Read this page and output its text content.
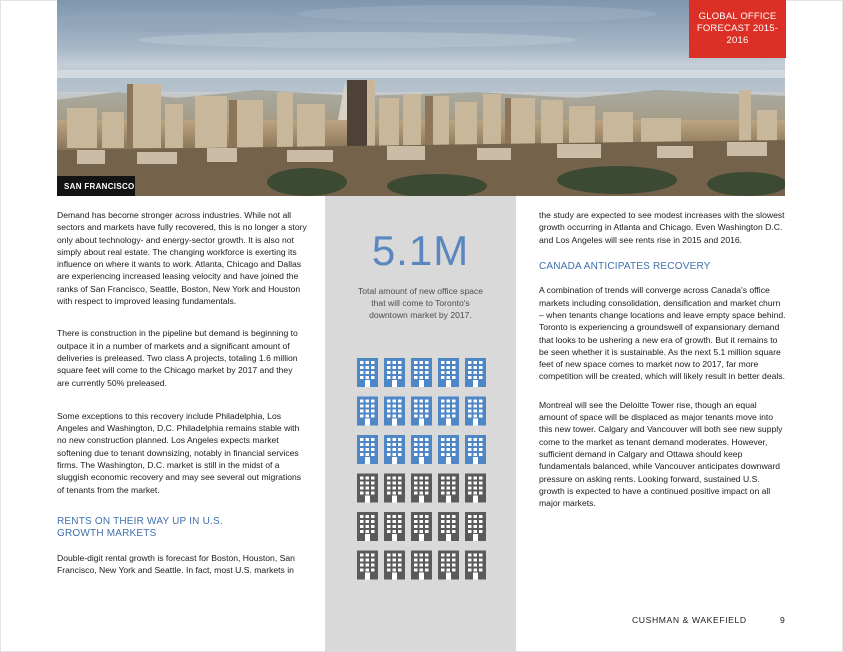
GLOBAL OFFICE
FORECAST 2015-2016
SAN FRANCISCO

Demand has become stronger across industries. While not all sectors and markets have fully recovered, this is no longer a story only about technology- and energy-sector growth. It is also not simply about real estate. The changing workforce is exerting its influence on where it wants to work. Atlanta, Chicago and Dallas are experiencing increased leasing velocity and have joined the ranks of San Francisco, Seattle, Boston, New York and Houston with respect to improved leasing fundamentals.

There is construction in the pipeline but demand is beginning to outpace it in a number of markets and a significant amount of deliveries is preleased. Two class A projects, totaling 1.6 million square feet will come to the Chicago market by 2017 and they are currently 50% preleased.

Some exceptions to this recovery include Philadelphia, Los Angeles and Washington, D.C. Philadelphia remains stable with no new construction planned. Los Angeles expects market softening due to tenant downsizing, notably in financial services firms. The Washington, D.C. market is still in the midst of a sluggish economic recovery and may see several out migrations of tenants from the market.

RENTS ON THEIR WAY UP IN U.S.
GROWTH MARKETS

Double-digit rental growth is forecast for Boston, Houston, San Francisco, New York and Seattle. In fact, most U.S. markets in

5.1M
Total amount of new office space that will come to Toronto's downtown market by 2017.

the study are expected to see modest increases with the slowest growth occurring in Atlanta and Chicago. Even Washington D.C. and Los Angeles will see rents rise in 2015 and 2016.

CANADA ANTICIPATES RECOVERY

A combination of trends will converge across Canada's office markets including consolidation, densification and market churn – when tenants change locations and leave empty space behind. Toronto is experiencing a groundswell of expansionary demand that looks to be ushering a new era of growth. But it remains to be seen whether it is sustainable. As the next 5.1 million square feet of new space comes to market now to 2017, far more competition will be created, which will likely result in better deals.

Montreal will see the Deloitte Tower rise, though an equal amount of space will be displaced as major tenants move into this new tower. Calgary and Vancouver will both see new supply come to the market as tenant demand moderates. However, sufficient demand in Calgary and Ottawa should keep fundamentals balanced, while Vancouver anticipates downward pressure on asking rents. Looking forward, sustained U.S. growth is expected to have a continued positive impact on all major markets.

CUSHMAN & WAKEFIELD	9
